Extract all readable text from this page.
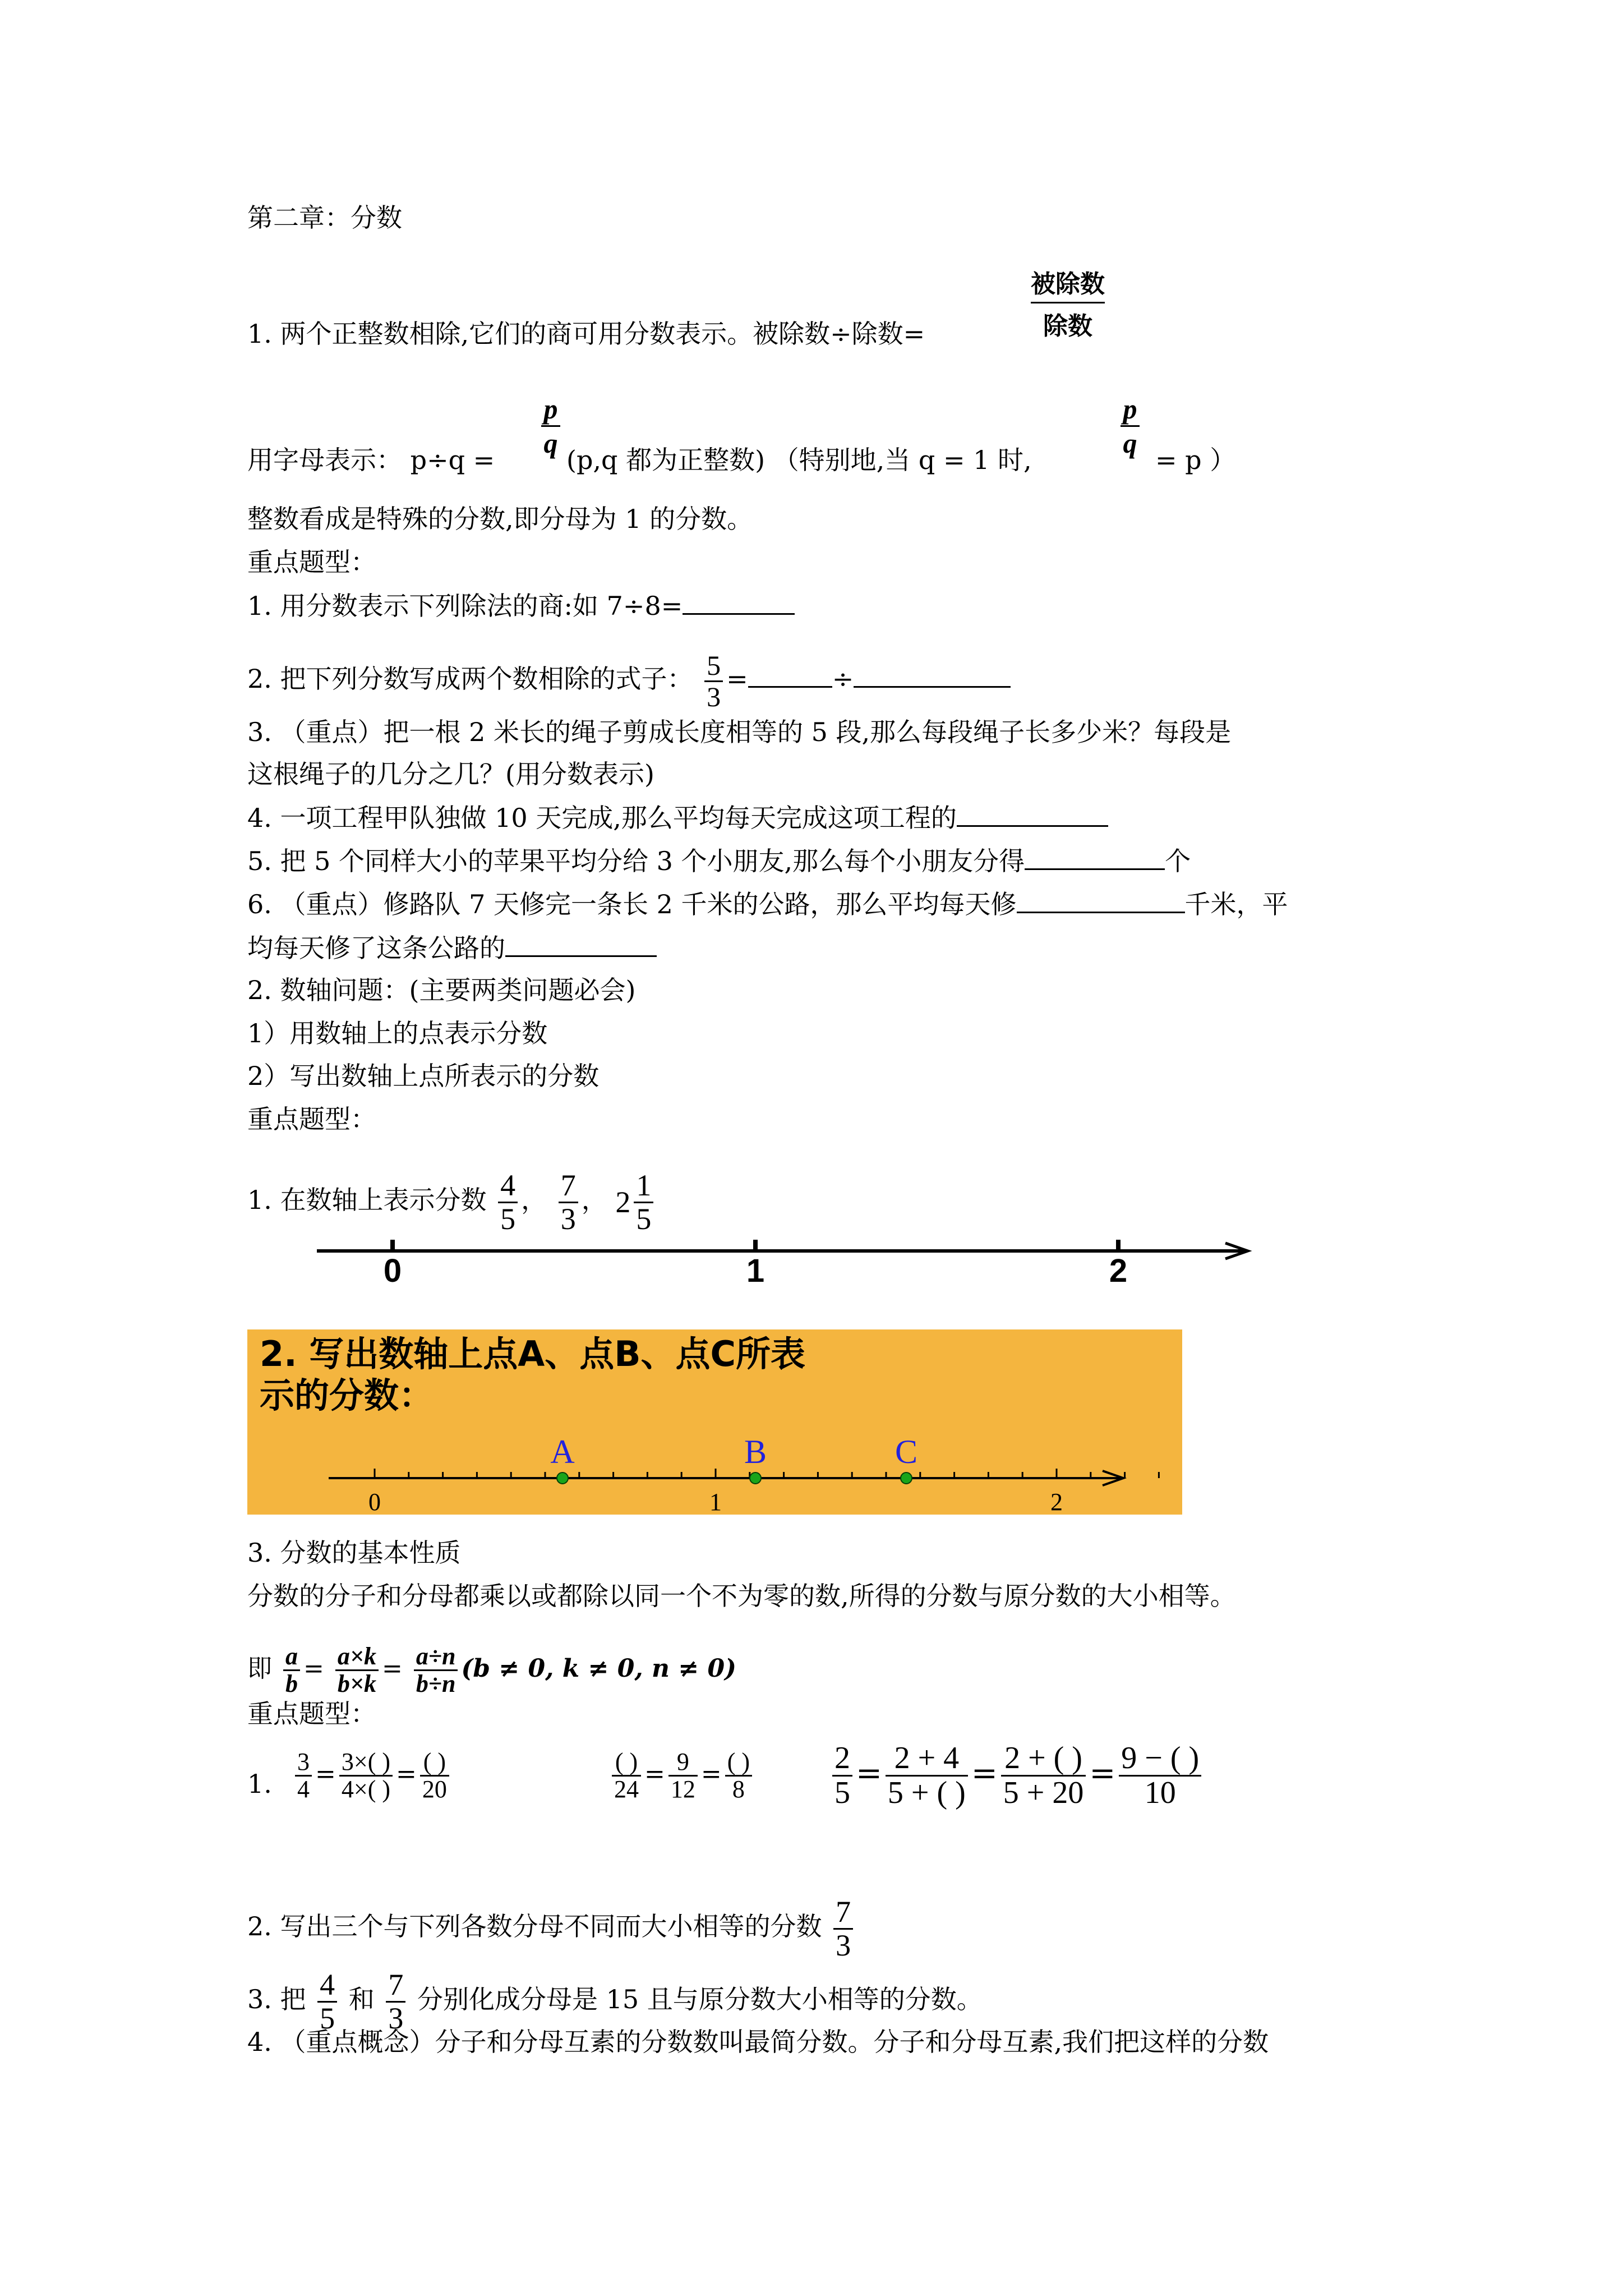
第二章：分数
1. 两个正整数相除,它们的商可用分数表示。被除数÷除数=
被除数
除数
用字母表示： p÷q =
p
q
(p,q 都为正整数) （特别地,当 q = 1 时,
p
q
= p ）
整数看成是特殊的分数,即分母为 1 的分数。
重点题型：
1. 用分数表示下列除法的商:如 7÷8=
2. 把下列分数写成两个数相除的式子： $\frac{5}{3}$ =	÷
3. （重点）把一根 2 米长的绳子剪成长度相等的 5 段,那么每段绳子长多少米？每段是
这根绳子的几分之几？(用分数表示)
4. 一项工程甲队独做 10 天完成,那么平均每天完成这项工程的
5. 把 5 个同样大小的苹果平均分给 3 个小朋友,那么每个小朋友分得	个
6. （重点）修路队 7 天修完一条长 2 千米的公路，那么平均每天修	千米，平
均每天修了这条公路的
2. 数轴问题：(主要两类问题必会)
1）用数轴上的点表示分数
2）写出数轴上点所表示的分数
重点题型：
1. 在数轴上表示分数 $\frac{4}{5}$ ， $\frac{7}{3}$ ， $2 \frac{1}{5}$
0	1	2
2. 写出数轴上点A、点B、点C所表
示的分数：
0	1	2
A	B	C
3. 分数的基本性质
分数的分子和分母都乘以或都除以同一个不为零的数,所得的分数与原分数的大小相等。
即 $\frac{a}{b} = \frac{a\times k}{b\times k} = \frac{a\div n}{b\div n} (b \ne 0$, k ≠ 0, n ≠ 0)
重点题型：
1. $\frac{3}{4} = \frac{3\times( )}{4\times( )} = \frac{( )}{20}$	$\frac{( )}{24} = \frac{9}{12} = \frac{( )}{8}$	$\frac{2}{5} = \frac{2 + 4}{5 + ( )} = \frac{2 + ( )}{5 + 20} = \frac{9 - ( )}{10}$
2. 写出三个与下列各数分母不同而大小相等的分数 $\frac{7}{3}$
3. 把 $\frac{4}{5}$ 和 $\frac{7}{3}$ 分别化成分母是 15 且与原分数大小相等的分数。
4. （重点概念）分子和分母互素的分数数叫最简分数。分子和分母互素,我们把这样的分数
